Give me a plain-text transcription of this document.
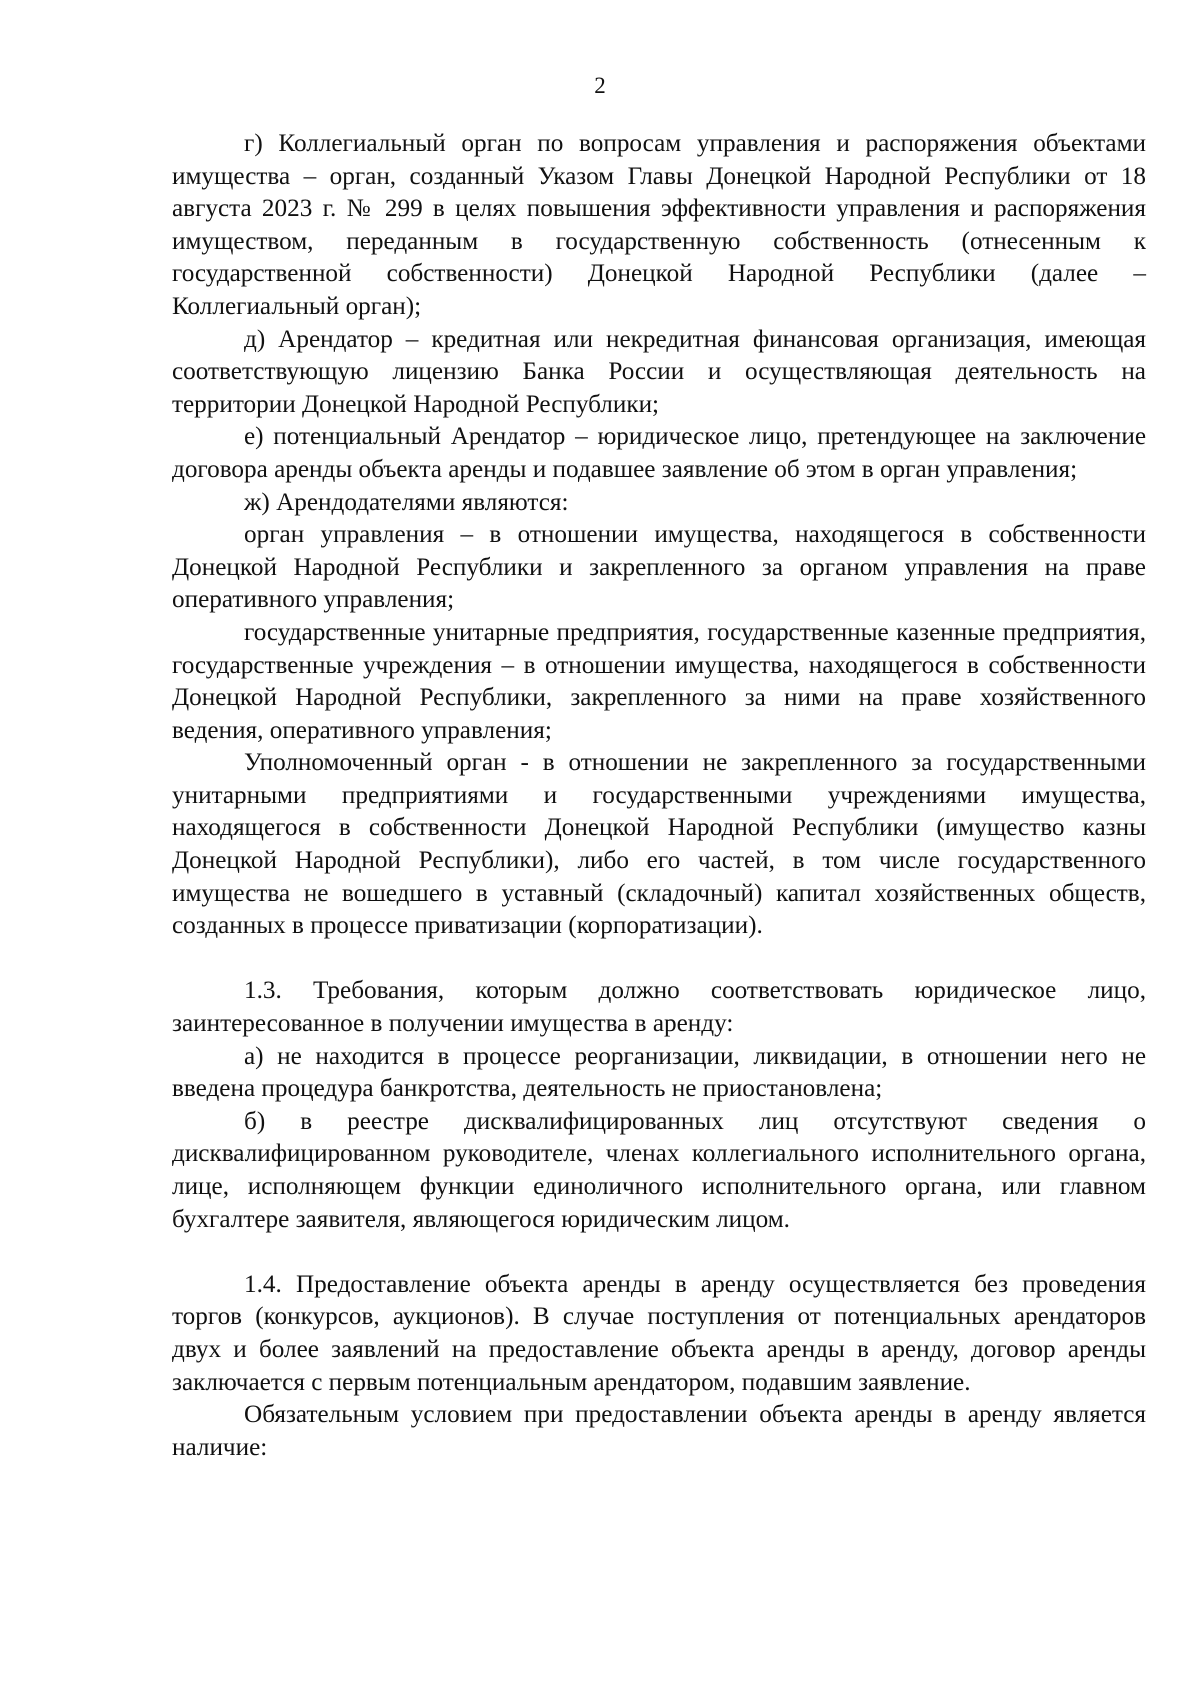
2

г) Коллегиальный орган по вопросам управления и распоряжения объектами имущества – орган, созданный Указом Главы Донецкой Народной Республики от 18 августа 2023 г. № 299 в целях повышения эффективности управления и распоряжения имуществом, переданным в государственную собственность (отнесенным к государственной собственности) Донецкой Народной Республики (далее – Коллегиальный орган);

д) Арендатор – кредитная или некредитная финансовая организация, имеющая соответствующую лицензию Банка России и осуществляющая деятельность на территории Донецкой Народной Республики;

е) потенциальный Арендатор – юридическое лицо, претендующее на заключение договора аренды объекта аренды и подавшее заявление об этом в орган управления;

ж) Арендодателями являются:

орган управления – в отношении имущества, находящегося в собственности Донецкой Народной Республики и закрепленного за органом управления на праве оперативного управления;

государственные унитарные предприятия, государственные казенные предприятия, государственные учреждения – в отношении имущества, находящегося в собственности Донецкой Народной Республики, закрепленного за ними на праве хозяйственного ведения, оперативного управления;

Уполномоченный орган - в отношении не закрепленного за государственными унитарными предприятиями и государственными учреждениями имущества, находящегося в собственности Донецкой Народной Республики (имущество казны Донецкой Народной Республики), либо его частей, в том числе государственного имущества не вошедшего в уставный (складочный) капитал хозяйственных обществ, созданных в процессе приватизации (корпоратизации).

1.3. Требования, которым должно соответствовать юридическое лицо, заинтересованное в получении имущества в аренду:

а) не находится в процессе реорганизации, ликвидации, в отношении него не введена процедура банкротства, деятельность не приостановлена;

б) в реестре дисквалифицированных лиц отсутствуют сведения о дисквалифицированном руководителе, членах коллегиального исполнительного органа, лице, исполняющем функции единоличного исполнительного органа, или главном бухгалтере заявителя, являющегося юридическим лицом.

1.4. Предоставление объекта аренды в аренду осуществляется без проведения торгов (конкурсов, аукционов). В случае поступления от потенциальных арендаторов двух и более заявлений на предоставление объекта аренды в аренду, договор аренды заключается с первым потенциальным арендатором, подавшим заявление.

Обязательным условием при предоставлении объекта аренды в аренду является наличие:
